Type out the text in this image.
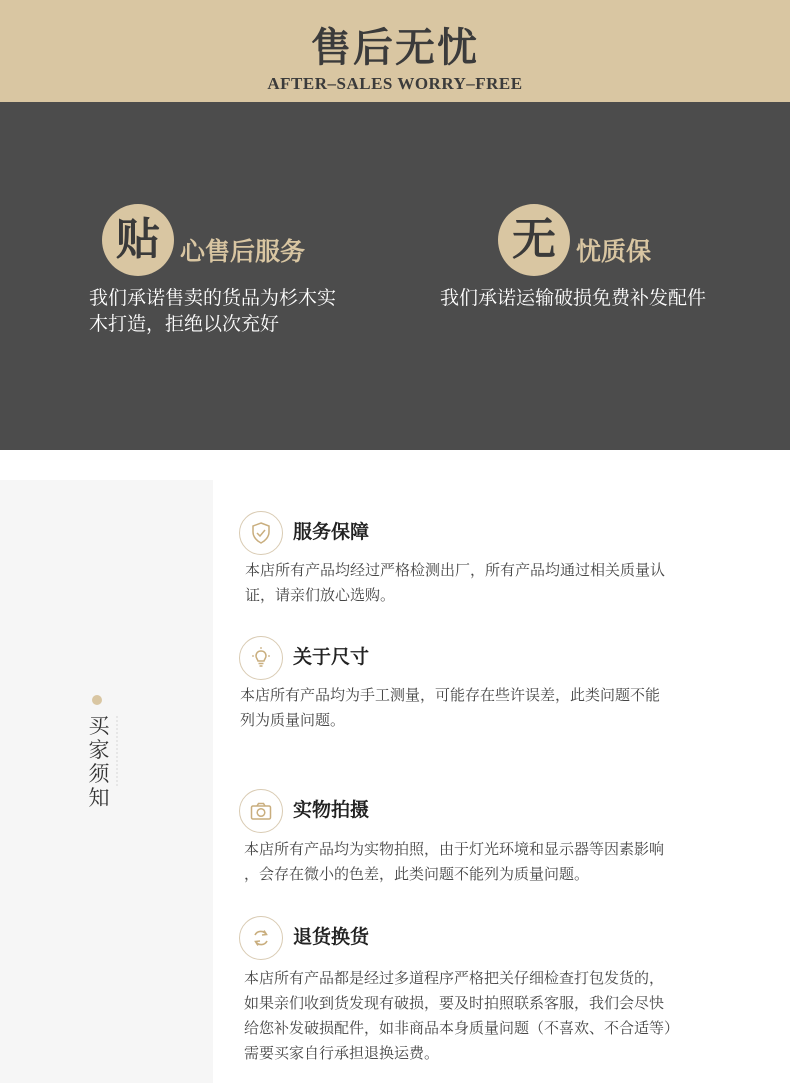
售后无忧
AFTER–SALES WORRY–FREE
贴 心售后服务
我们承诺售卖的货品为杉木实
木打造，拒绝以次充好
无 忧质保
我们承诺运输破损免费补发配件
买家须知
服务保障
本店所有产品均经过严格检测出厂，所有产品均通过相关质量认
证，请亲们放心选购。
关于尺寸
本店所有产品均为手工测量，可能存在些许误差，此类问题不能
列为质量问题。
实物拍摄
本店所有产品均为实物拍照，由于灯光环境和显示器等因素影响
，会存在微小的色差，此类问题不能列为质量问题。
退货换货
本店所有产品都是经过多道程序严格把关仔细检查打包发货的，
如果亲们收到货发现有破损，要及时拍照联系客服，我们会尽快
给您补发破损配件，如非商品本身质量问题（不喜欢、不合适等）
需要买家自行承担退换运费。
